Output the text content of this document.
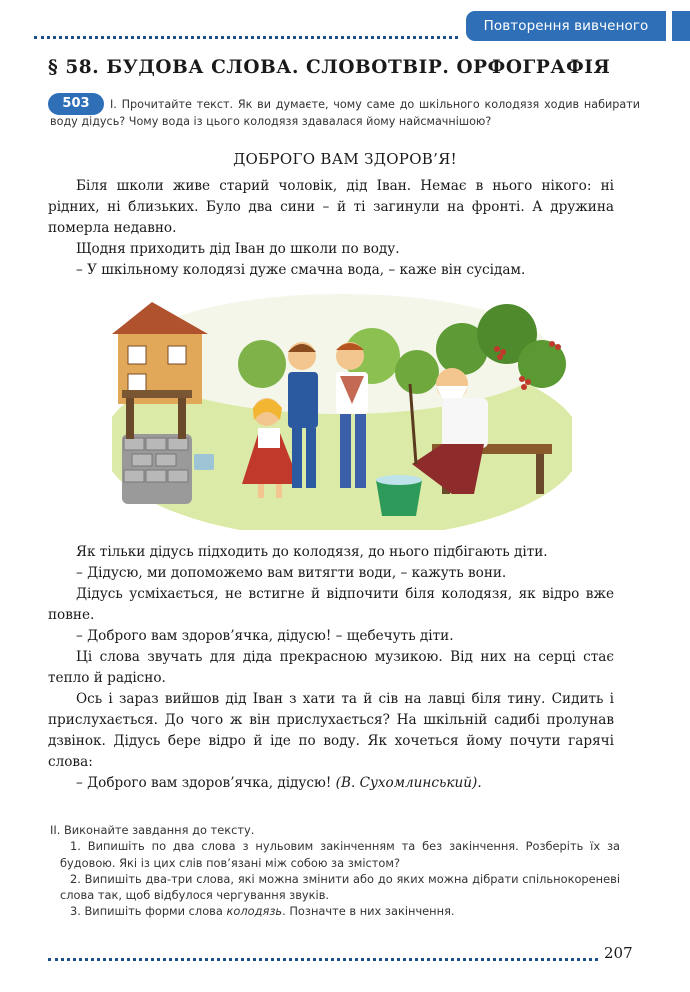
Повторення вивченого
§ 58. БУДОВА СЛОВА. СЛОВОТВІР. ОРФОГРАФІЯ
I. Прочитайте текст. Як ви думаєте, чому саме до шкільного колодязя ходив набирати воду дідусь? Чому вода із цього колодязя здавалася йому найсмачнішою?
503
ДОБРОГО ВАМ ЗДОРОВ’Я!

Біля школи живе старий чоловік, дід Іван. Немає в нього нікого: ні рідних, ні близьких. Було два сини – й ті загинули на фронті. А дружина померла недавно.

Щодня приходить дід Іван до школи по воду.

– У шкільному колодязі дуже смачна вода, – каже він сусідам.

Як тільки дідусь підходить до колодязя, до нього підбігають діти.

– Дідусю, ми допоможемо вам витягти води, – кажуть вони.

Дідусь усміхається, не встигне й відпочити біля колодязя, як відро вже повне.

– Доброго вам здоров’ячка, дідусю! – щебечуть діти.

Ці слова звучать для діда прекрасною музикою. Від них на серці стає тепло й радісно.

Ось і зараз вийшов дід Іван з хати та й сів на лавці біля тину. Сидить і прислухається. До чого ж він прислухається? На шкільній садибі пролунав дзвінок. Дідусь бере відро й іде по воду. Як хочеться йому почути гарячі слова:

– Доброго вам здоров’ячка, дідусю! (В. Сухомлинський).

II. Виконайте завдання до тексту.

1. Випишіть по два слова з нульовим закінченням та без закінчення. Розберіть їх за будовою. Які із цих слів пов’язані між собою за змістом?

2. Випишіть два-три слова, які можна змінити або до яких можна дібрати спільнокореневі слова так, щоб відбулося чергування звуків.

3. Випишіть форми слова колодязь. Позначте в них закінчення.

207
